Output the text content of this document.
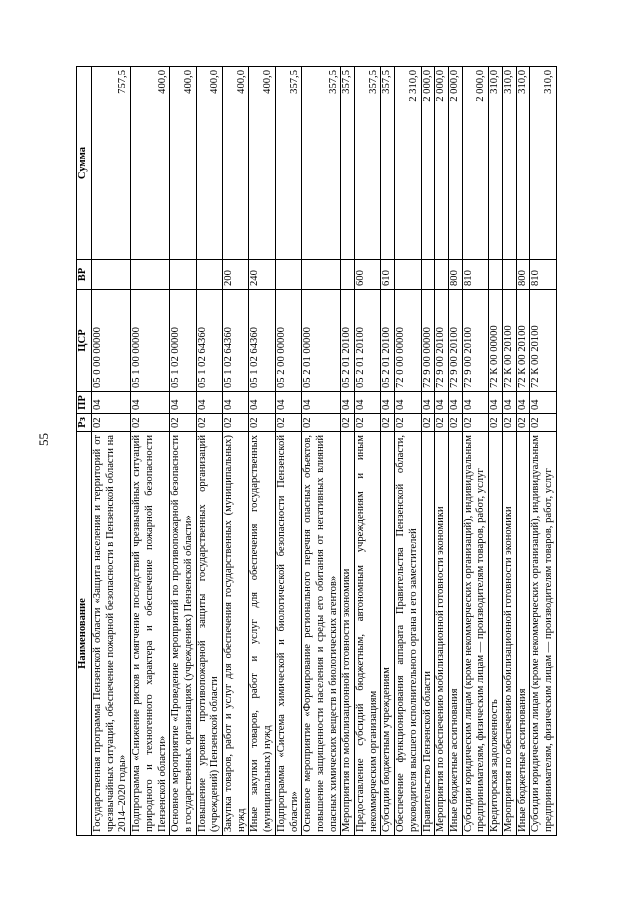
55
Наименование	Рз	ПР	ЦСР	ВР	Сумма
Государственная программа Пензенской области «Защита населения и территорий от чрезвычайных ситуаций, обеспечение пожарной безопасности в Пензенской области на 2014–2020 годы»	02	04	05 0 00 00000		757,5
Подпрограмма «Снижение рисков и смягчение последствий чрезвычайных ситуаций природного и техногенного характера и обеспечение пожарной безопасности Пензенской области»	02	04	05 1 00 00000		400,0
Основное мероприятие «Проведение мероприятий по противопожарной безопасности в государственных организациях (учреждениях) Пензенской области»	02	04	05 1 02 00000		400,0
Повышение уровня противопожарной защиты государственных организаций (учреждений) Пензенской области	02	04	05 1 02 64360		400,0
Закупка товаров, работ и услуг для обеспечения государственных (муниципальных) нужд	02	04	05 1 02 64360	200	400,0
Иные закупки товаров, работ и услуг для обеспечения государственных (муниципальных) нужд	02	04	05 1 02 64360	240	400,0
Подпрограмма «Система химической и биологической безопасности Пензенской области»	02	04	05 2 00 00000		357,5
Основное мероприятие «Формирование регионального перечня опасных объектов, повышение защищенности населения и среды его обитания от негативных влияний опасных химических веществ и биологических агентов»	02	04	05 2 01 00000		357,5
Мероприятия по мобилизационной готовности экономики	02	04	05 2 01 20100		357,5
Предоставление субсидий бюджетным, автономным учреждениям и иным некоммерческим организациям	02	04	05 2 01 20100	600	357,5
Субсидии бюджетным учреждениям	02	04	05 2 01 20100	610	357,5
Обеспечение функционирования аппарата Правительства Пензенской области, руководителя высшего исполнительного органа и его заместителей	02	04	72 0 00 00000		2 310,0
Правительство Пензенской области	02	04	72 9 00 00000		2 000,0
Мероприятия по обеспечению мобилизационной готовности экономики	02	04	72 9 00 20100		2 000,0
Иные бюджетные ассигнования	02	04	72 9 00 20100	800	2 000,0
Субсидии юридическим лицам (кроме некоммерческих организаций), индивидуальным предпринимателям, физическим лицам — производителям товаров, работ, услуг	02	04	72 9 00 20100	810	2 000,0
Кредиторская задолженность	02	04	72 К 00 00000		310,0
Мероприятия по обеспечению мобилизационной готовности экономики	02	04	72 К 00 20100		310,0
Иные бюджетные ассигнования	02	04	72 К 00 20100	800	310,0
Субсидии юридическим лицам (кроме некоммерческих организаций), индивидуальным предпринимателям, физическим лицам — производителям товаров, работ, услуг	02	04	72 К 00 20100	810	310,0
